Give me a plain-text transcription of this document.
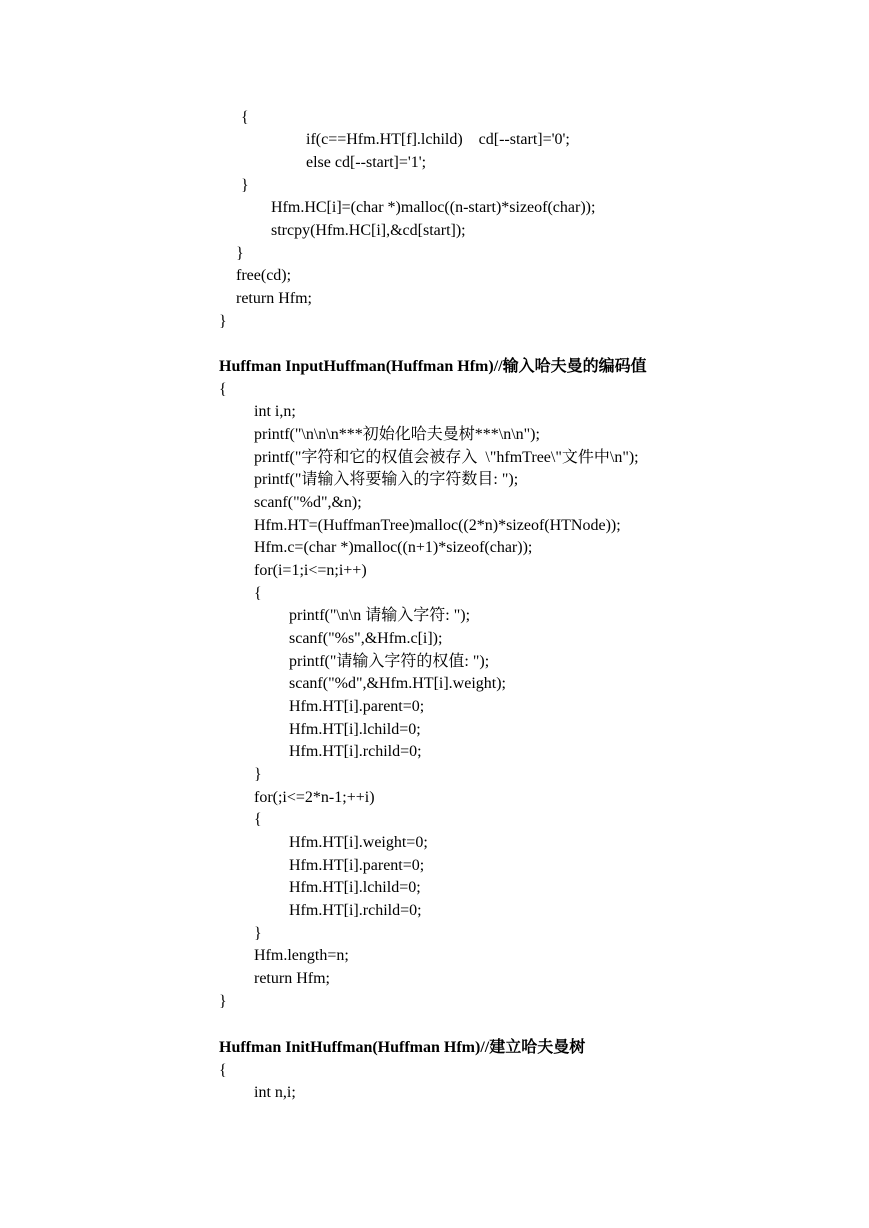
{
if(c==Hfm.HT[f].lchild)    cd[--start]='0';
else cd[--start]='1';
}
Hfm.HC[i]=(char *)malloc((n-start)*sizeof(char));
strcpy(Hfm.HC[i],&cd[start]);
}
free(cd);
return Hfm;
}
Huffman InputHuffman(Huffman Hfm)//输入哈夫曼的编码值
{
int i,n;
printf("\n\n\n***初始化哈夫曼树***\n\n");
printf("字符和它的权值会被存入  \"hfmTree\"文件中\n");
printf("请输入将要输入的字符数目: ");
scanf("%d",&n);
Hfm.HT=(HuffmanTree)malloc((2*n)*sizeof(HTNode));
Hfm.c=(char *)malloc((n+1)*sizeof(char));
for(i=1;i<=n;i++)
{
printf("\n\n 请输入字符: ");
scanf("%s",&Hfm.c[i]);
printf("请输入字符的权值: ");
scanf("%d",&Hfm.HT[i].weight);
Hfm.HT[i].parent=0;
Hfm.HT[i].lchild=0;
Hfm.HT[i].rchild=0;
}
for(;i<=2*n-1;++i)
{
Hfm.HT[i].weight=0;
Hfm.HT[i].parent=0;
Hfm.HT[i].lchild=0;
Hfm.HT[i].rchild=0;
}
Hfm.length=n;
return Hfm;
}
Huffman InitHuffman(Huffman Hfm)//建立哈夫曼树
{
int n,i;
